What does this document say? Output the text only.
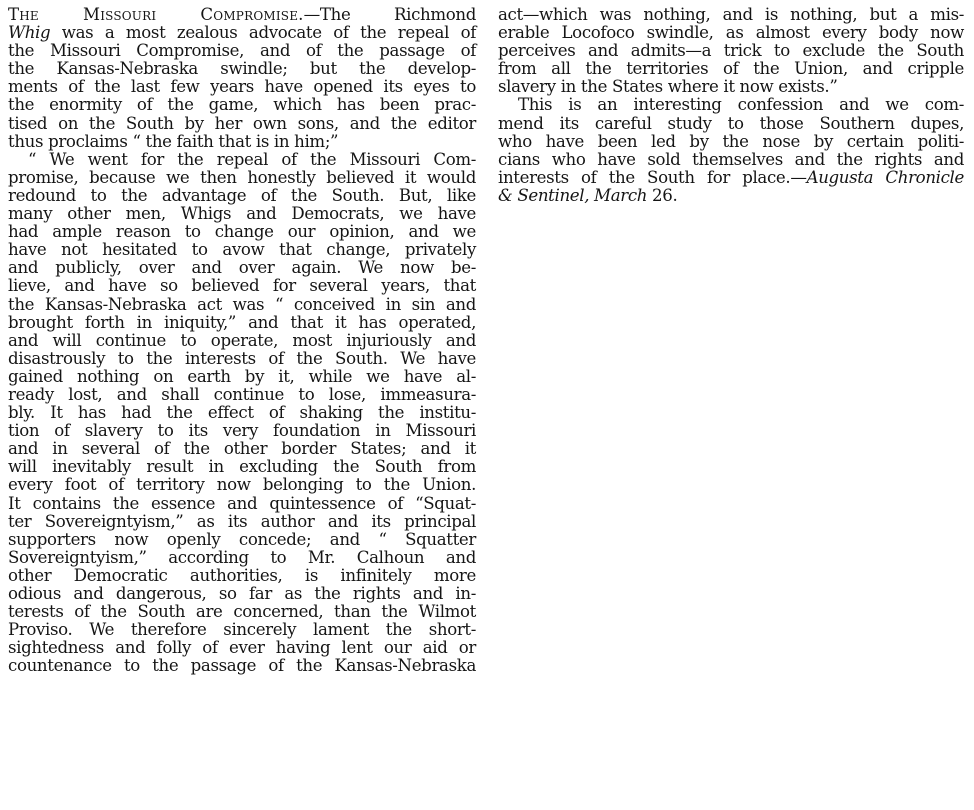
The Missouri Compromise.—The Richmond
Whig was a most zealous advocate of the repeal of
the Missouri Compromise, and of the passage of
the Kansas-Nebraska swindle; but the develop-
ments of the last few years have opened its eyes to
the enormity of the game, which has been prac-
tised on the South by her own sons, and the editor
thus proclaims “ the faith that is in him;”
“ We went for the repeal of the Missouri Com-
promise, because we then honestly believed it would
redound to the advantage of the South. But, like
many other men, Whigs and Democrats, we have
had ample reason to change our opinion, and we
have not hesitated to avow that change, privately
and publicly, over and over again. We now be-
lieve, and have so believed for several years, that
the Kansas-Nebraska act was “ conceived in sin and
brought forth in iniquity,” and that it has operated,
and will continue to operate, most injuriously and
disastrously to the interests of the South. We have
gained nothing on earth by it, while we have al-
ready lost, and shall continue to lose, immeasura-
bly. It has had the effect of shaking the institu-
tion of slavery to its very foundation in Missouri
and in several of the other border States; and it
will inevitably result in excluding the South from
every foot of territory now belonging to the Union.
It contains the essence and quintessence of “Squat-
ter Sovereigntyism,” as its author and its principal
supporters now openly concede; and “ Squatter
Sovereigntyism,” according to Mr. Calhoun and
other Democratic authorities, is infinitely more
odious and dangerous, so far as the rights and in-
terests of the South are concerned, than the Wilmot
Proviso. We therefore sincerely lament the short-
sightedness and folly of ever having lent our aid or
countenance to the passage of the Kansas-Nebraska
act—which was nothing, and is nothing, but a mis-
erable Locofoco swindle, as almost every body now
perceives and admits—a trick to exclude the South
from all the territories of the Union, and cripple
slavery in the States where it now exists.”
This is an interesting confession and we com-
mend its careful study to those Southern dupes,
who have been led by the nose by certain politi-
cians who have sold themselves and the rights and
interests of the South for place.—Augusta Chronicle
& Sentinel, March 26.
